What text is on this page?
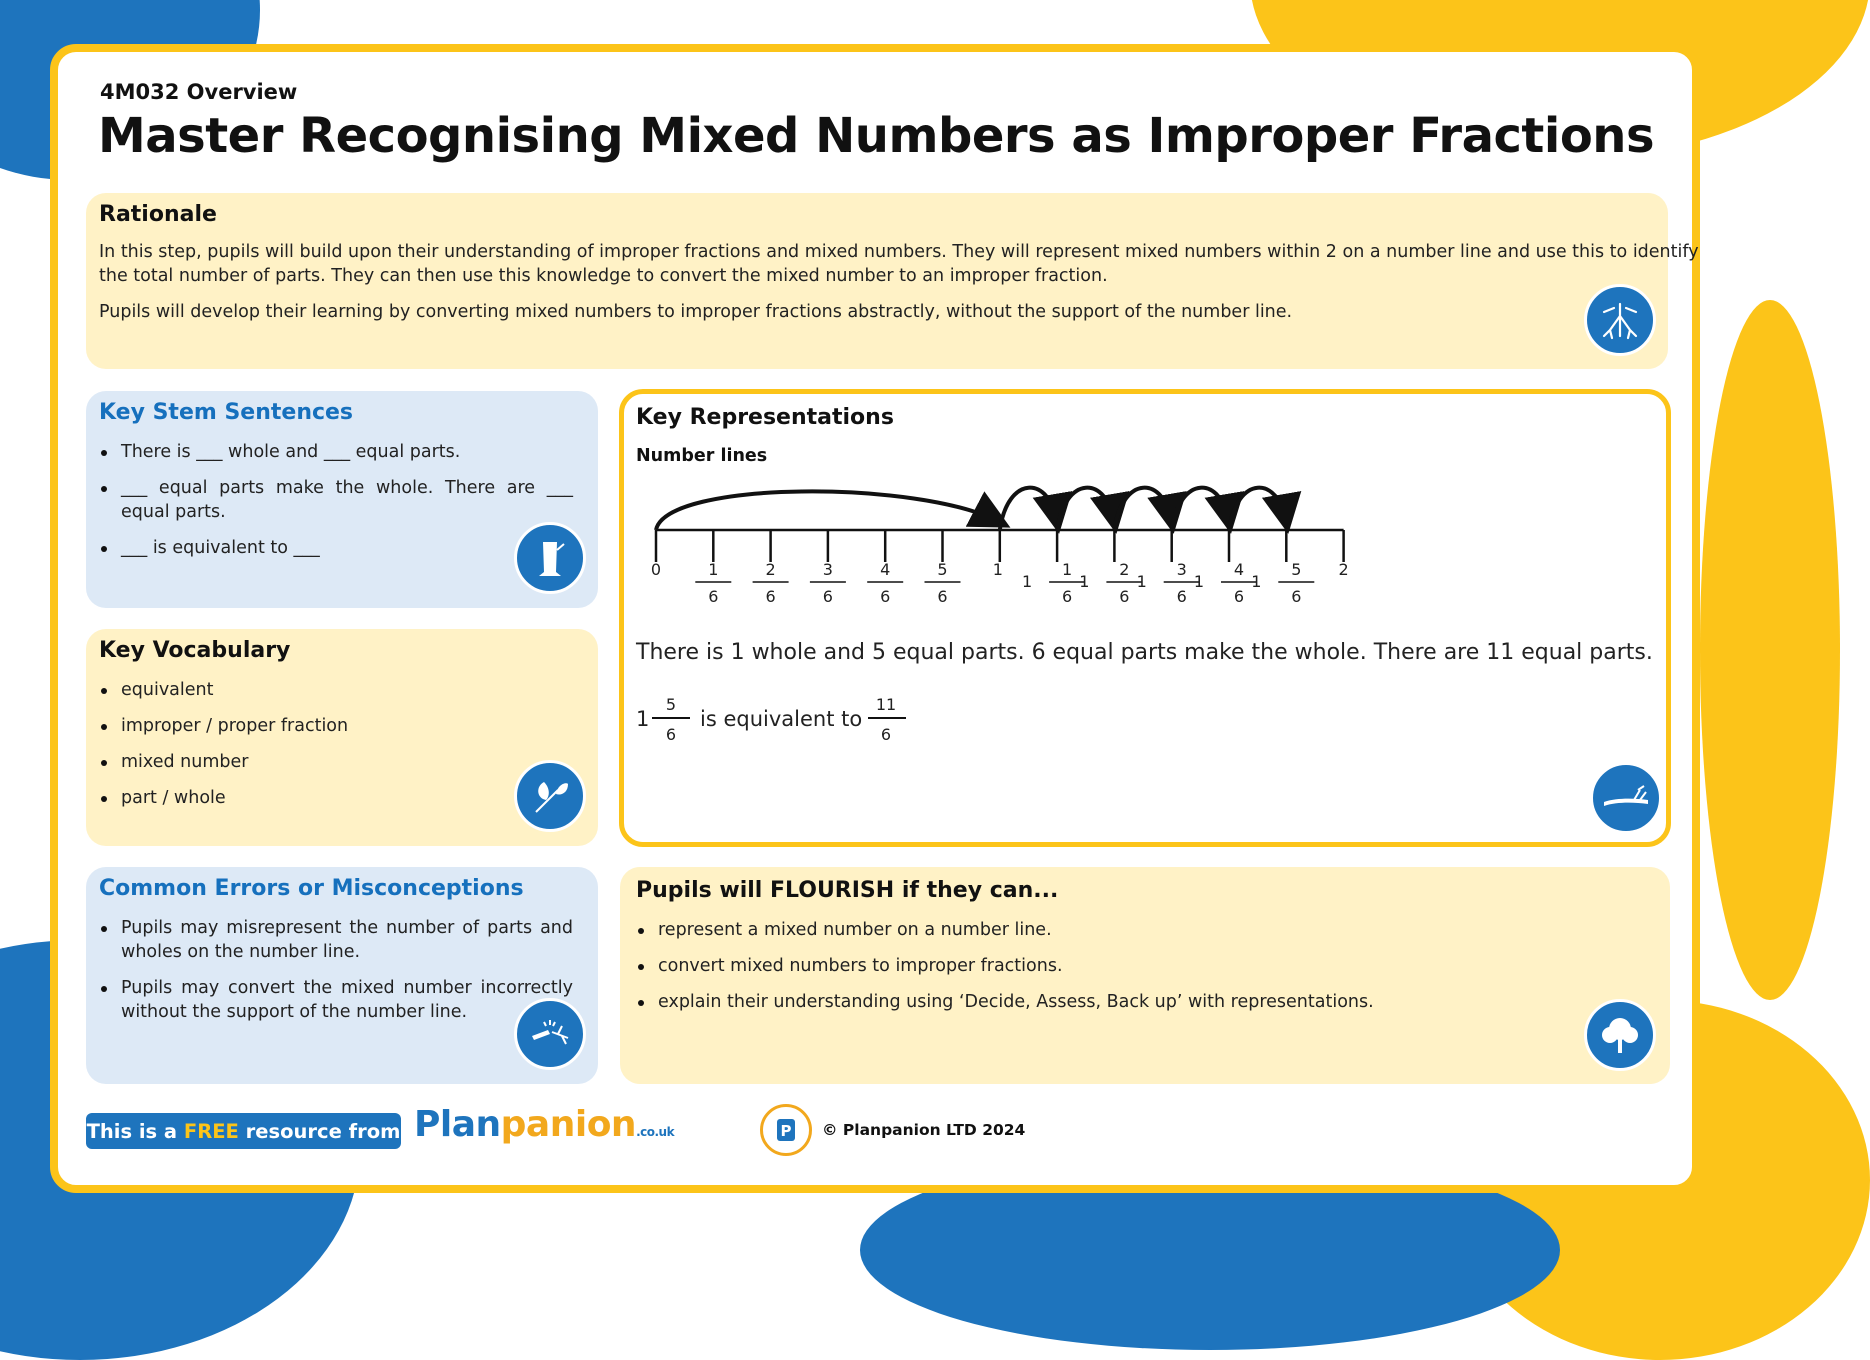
4M032 Overview
Master Recognising Mixed Numbers as Improper Fractions
Rationale
In this step, pupils will build upon their understanding of improper fractions and mixed numbers. They will represent mixed numbers within 2 on a number line and use this to identify
the total number of parts. They can then use this knowledge to convert the mixed number to an improper fraction.
Pupils will develop their learning by converting mixed numbers to improper fractions abstractly, without the support of the number line.
Key Stem Sentences
There is ___ whole and ___ equal parts.
___ equal parts make the whole. There are ___ equal parts.
___ is equivalent to ___
Key Vocabulary
equivalent
improper / proper fraction
mixed number
part / whole
Common Errors or Misconceptions
Pupils may misrepresent the number of parts and wholes on the number line.
Pupils may convert the mixed number incorrectly without the support of the number line.
Key Representations
Number lines
0	1	2
1
6
2
6
3
6
4
6
5
6
1
1
6
1
2
6
1
3
6
1
4
6
1
5
6
There is 1 whole and 5 equal parts. 6 equal parts make the whole. There are 11 equal parts.
1
5
6
is equivalent to
11
6
Pupils will FLOURISH if they can...
represent a mixed number on a number line.
convert mixed numbers to improper fractions.
explain their understanding using ‘Decide, Assess, Back up’ with representations.
This is a
FREE
resource from Planpanion.co.uk	P © Planpanion LTD 2024
